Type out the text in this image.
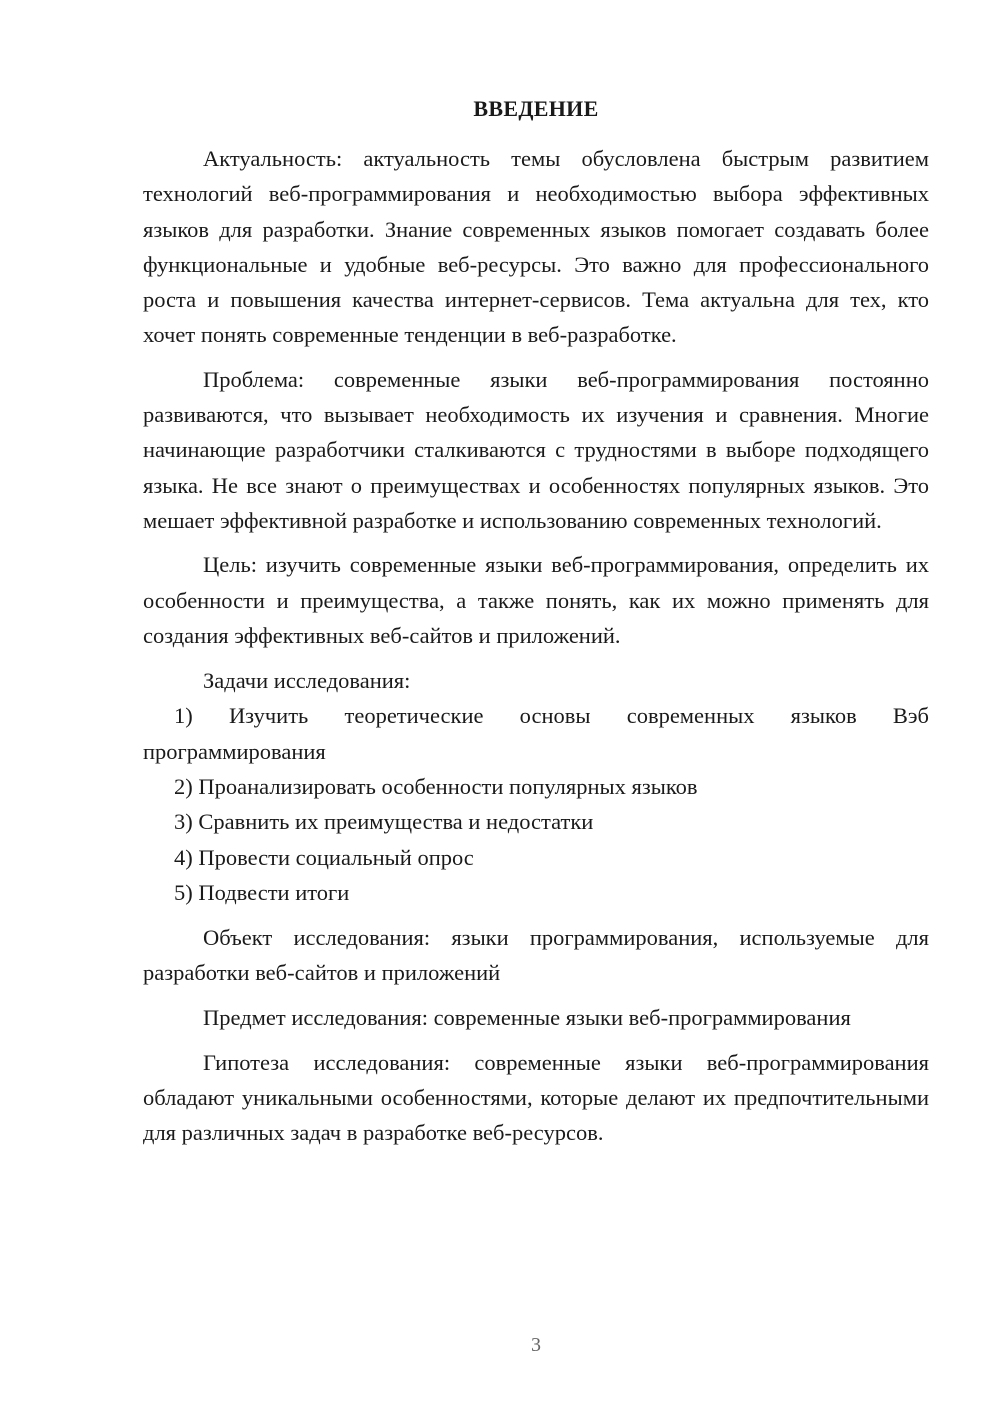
ВВЕДЕНИЕ

Актуальность: актуальность темы обусловлена быстрым развитием технологий веб-программирования и необходимостью выбора эффективных языков для разработки. Знание современных языков помогает создавать более функциональные и удобные веб-ресурсы. Это важно для профессионального роста и повышения качества интернет-сервисов. Тема актуальна для тех, кто хочет понять современные тенденции в веб-разработке.

Проблема: современные языки веб-программирования постоянно развиваются, что вызывает необходимость их изучения и сравнения. Многие начинающие разработчики сталкиваются с трудностями в выборе подходящего языка. Не все знают о преимуществах и особенностях популярных языков. Это мешает эффективной разработке и использованию современных технологий.

Цель: изучить современные языки веб-программирования, определить их особенности и преимущества, а также понять, как их можно применять для создания эффективных веб-сайтов и приложений.

Задачи исследования:

1) Изучить теоретические основы современных языков Вэб программирования

2) Проанализировать особенности популярных языков

3) Сравнить их преимущества и недостатки

4) Провести социальный опрос

5) Подвести итоги

Объект исследования: языки программирования, используемые для разработки веб-сайтов и приложений

Предмет исследования: современные языки веб-программирования

Гипотеза исследования: современные языки веб-программирования обладают уникальными особенностями, которые делают их предпочтительными для различных задач в разработке веб-ресурсов.

3
